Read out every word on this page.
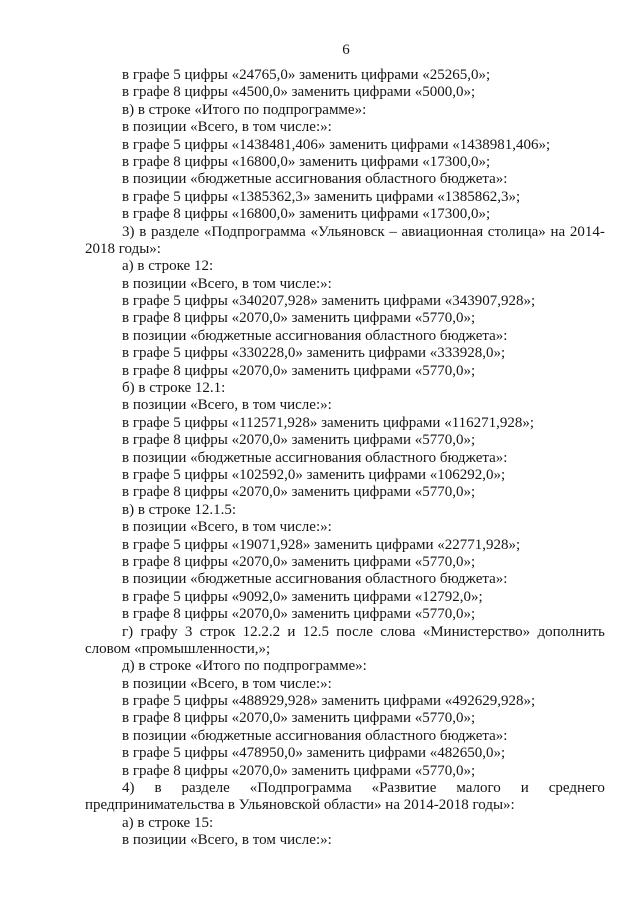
6
в графе 5 цифры «24765,0» заменить цифрами «25265,0»;
в графе 8 цифры «4500,0» заменить цифрами «5000,0»;
в) в строке «Итого по подпрограмме»:
в позиции «Всего, в том числе:»:
в графе 5 цифры «1438481,406» заменить цифрами «1438981,406»;
в графе 8 цифры «16800,0» заменить цифрами «17300,0»;
в позиции «бюджетные ассигнования областного бюджета»:
в графе 5 цифры «1385362,3» заменить цифрами «1385862,3»;
в графе 8 цифры «16800,0» заменить цифрами «17300,0»;
3) в разделе «Подпрограмма «Ульяновск – авиационная столица» на 2014-
2018 годы»:
а) в строке 12:
в позиции «Всего, в том числе:»:
в графе 5 цифры «340207,928» заменить цифрами «343907,928»;
в графе 8 цифры «2070,0» заменить цифрами «5770,0»;
в позиции «бюджетные ассигнования областного бюджета»:
в графе 5 цифры «330228,0» заменить цифрами «333928,0»;
в графе 8 цифры «2070,0» заменить цифрами «5770,0»;
б) в строке 12.1:
в позиции «Всего, в том числе:»:
в графе 5 цифры «112571,928» заменить цифрами «116271,928»;
в графе 8 цифры «2070,0» заменить цифрами «5770,0»;
в позиции «бюджетные ассигнования областного бюджета»:
в графе 5 цифры «102592,0» заменить цифрами «106292,0»;
в графе 8 цифры «2070,0» заменить цифрами «5770,0»;
в) в строке 12.1.5:
в позиции «Всего, в том числе:»:
в графе 5 цифры «19071,928» заменить цифрами «22771,928»;
в графе 8 цифры «2070,0» заменить цифрами «5770,0»;
в позиции «бюджетные ассигнования областного бюджета»:
в графе 5 цифры «9092,0» заменить цифрами «12792,0»;
в графе 8 цифры «2070,0» заменить цифрами «5770,0»;
г) графу 3 строк 12.2.2 и 12.5 после слова «Министерство» дополнить
словом «промышленности,»;
д) в строке «Итого по подпрограмме»:
в позиции «Всего, в том числе:»:
в графе 5 цифры «488929,928» заменить цифрами «492629,928»;
в графе 8 цифры «2070,0» заменить цифрами «5770,0»;
в позиции «бюджетные ассигнования областного бюджета»:
в графе 5 цифры «478950,0» заменить цифрами «482650,0»;
в графе 8 цифры «2070,0» заменить цифрами «5770,0»;
4) в разделе «Подпрограмма «Развитие малого и среднего
предпринимательства в Ульяновской области» на 2014-2018 годы»:
а) в строке 15:
в позиции «Всего, в том числе:»:
